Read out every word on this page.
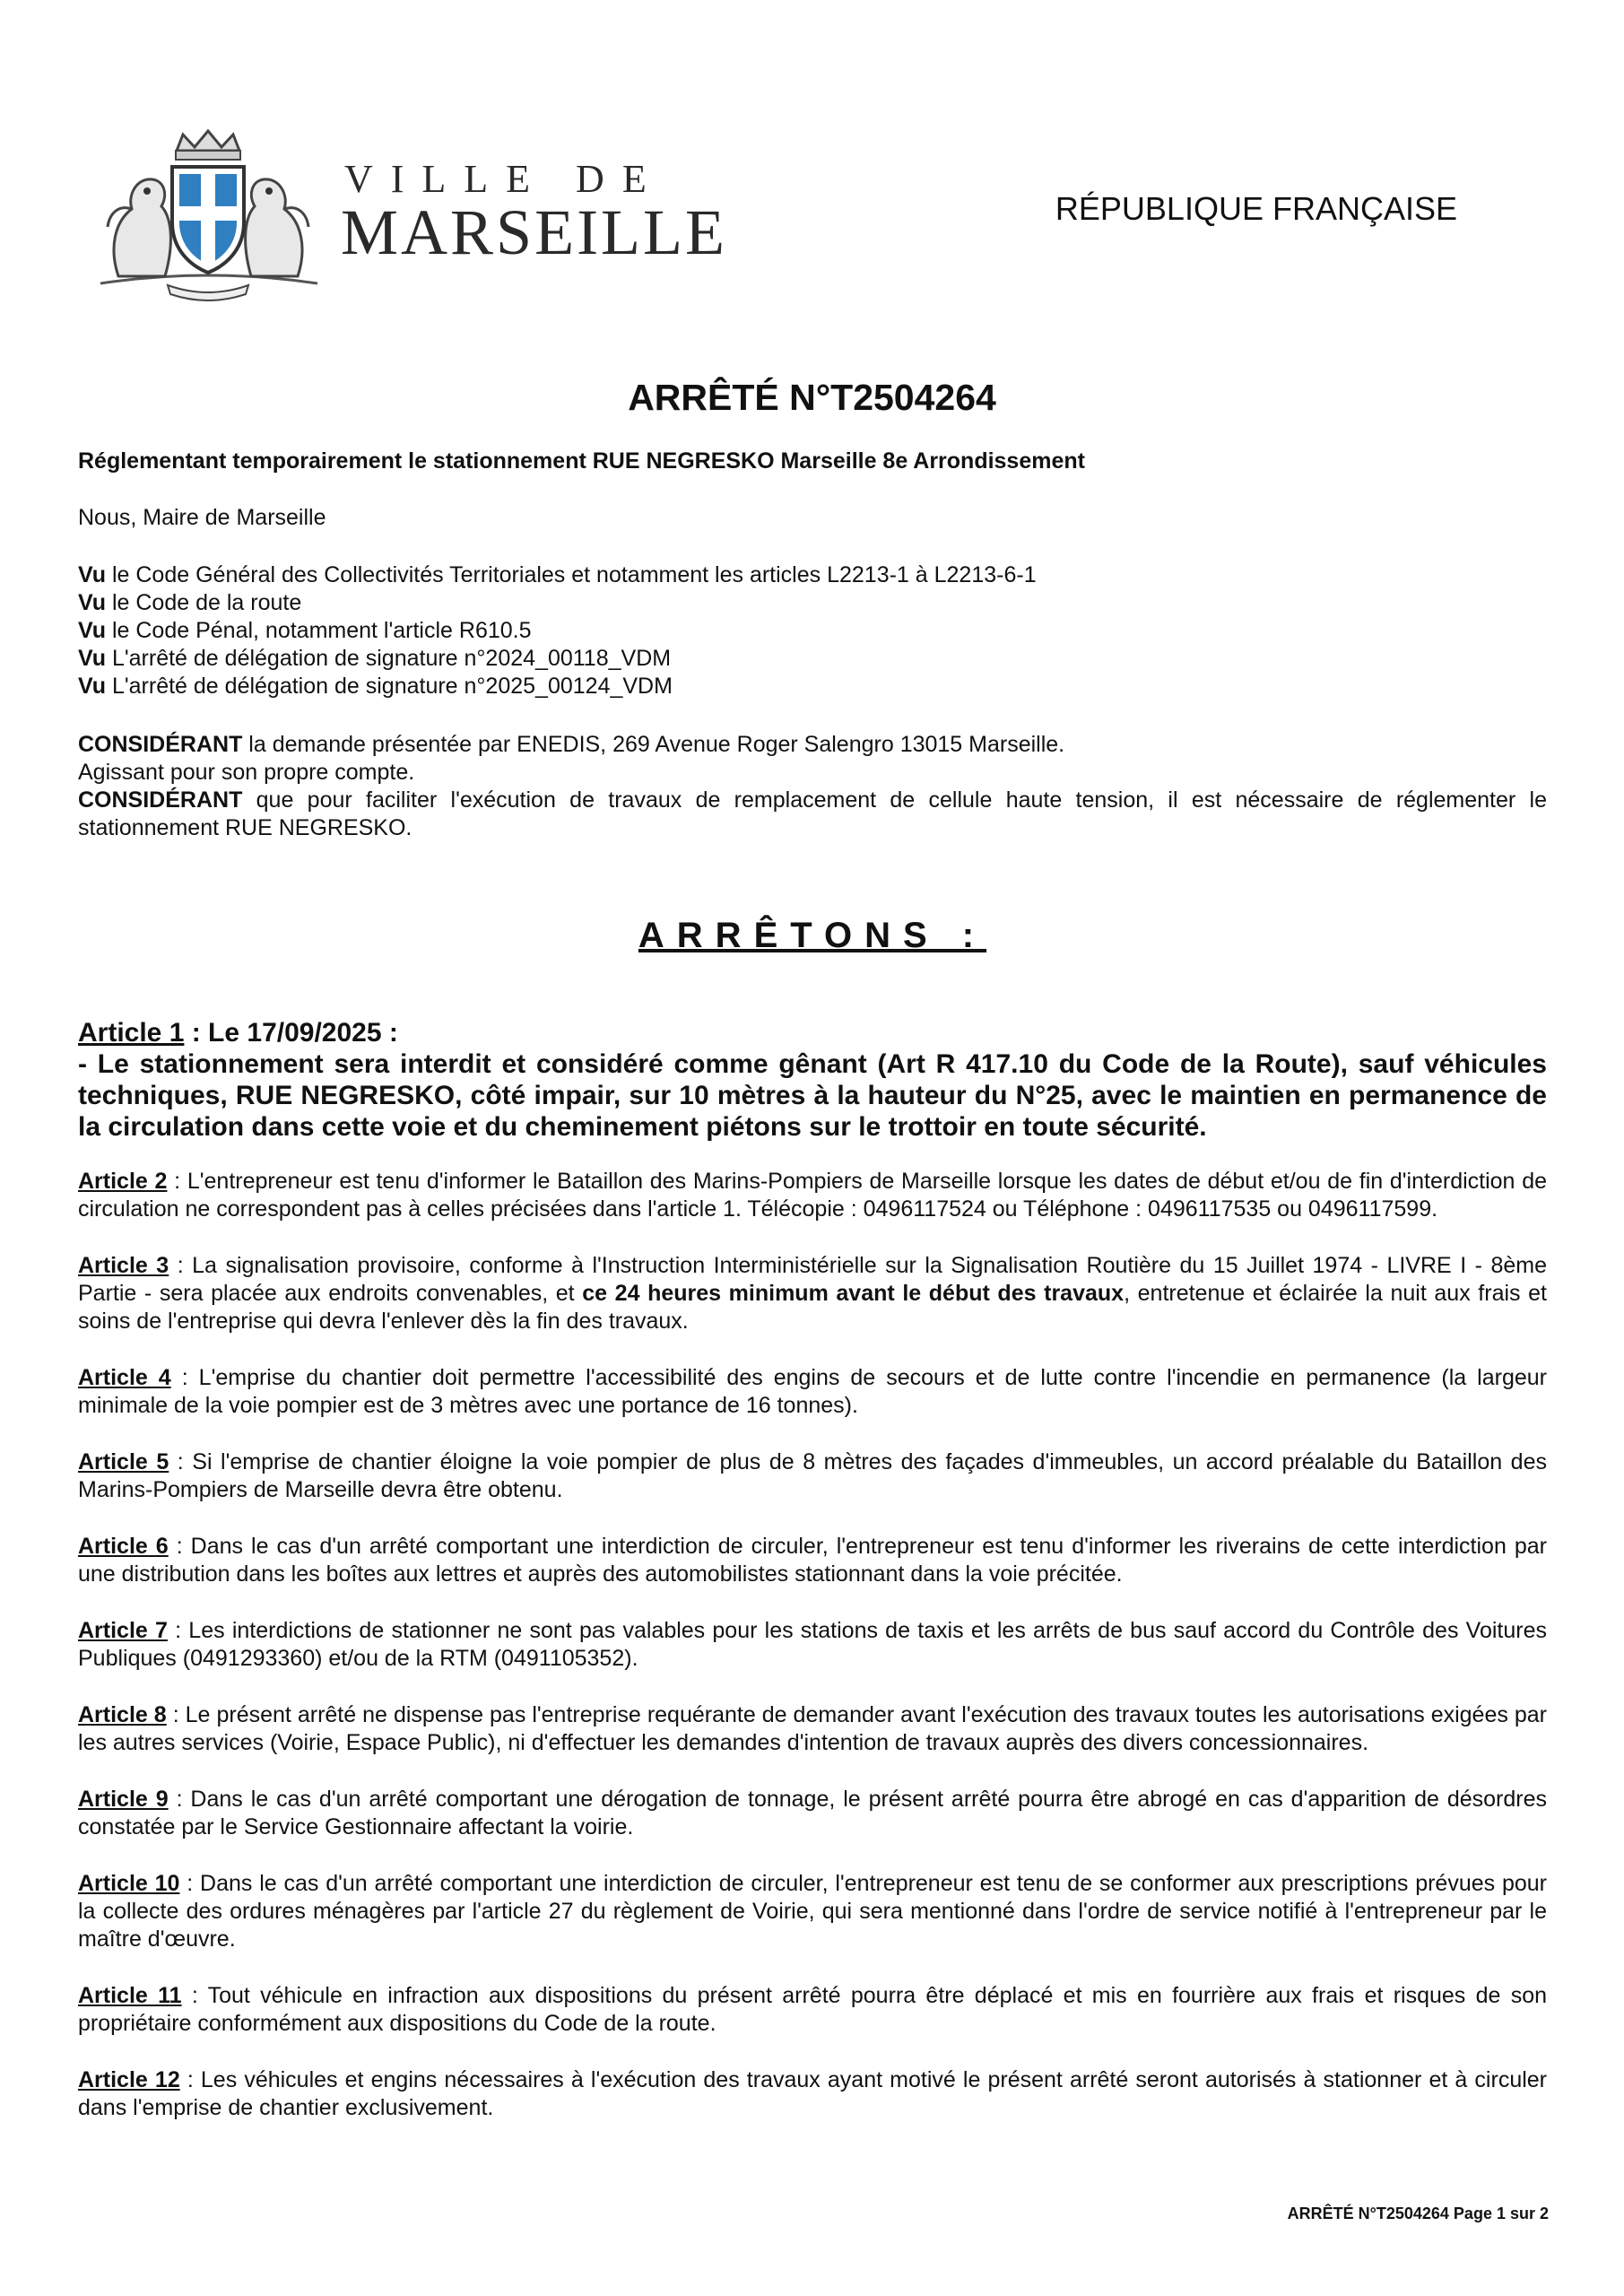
VILLE DE
MARSEILLE	RÉPUBLIQUE FRANÇAISE
ARRÊTÉ N°T2504264
Réglementant temporairement le stationnement RUE NEGRESKO Marseille 8e Arrondissement
Nous, Maire de Marseille
Vu le Code Général des Collectivités Territoriales et notamment les articles L2213-1 à L2213-6-1
Vu le Code de la route
Vu le Code Pénal, notamment l'article R610.5
Vu L'arrêté de délégation de signature n°2024_00118_VDM
Vu L'arrêté de délégation de signature n°2025_00124_VDM

CONSIDÉRANT la demande présentée par ENEDIS, 269 Avenue Roger Salengro 13015 Marseille.

Agissant pour son propre compte.

CONSIDÉRANT que pour faciliter l'exécution de travaux de remplacement de cellule haute tension, il est nécessaire de réglementer le stationnement RUE NEGRESKO.

ARRÊTONS :
Article 1 : Le 17/09/2025 :
- Le stationnement sera interdit et considéré comme gênant (Art R 417.10 du Code de la Route), sauf véhicules techniques, RUE NEGRESKO, côté impair, sur 10 mètres à la hauteur du N°25, avec le maintien en permanence de la circulation dans cette voie et du cheminement piétons sur le trottoir en toute sécurité.
Article 2 : L'entrepreneur est tenu d'informer le Bataillon des Marins-Pompiers de Marseille lorsque les dates de début et/ou de fin d'interdiction de circulation ne correspondent pas à celles précisées dans l'article 1. Télécopie : 0496117524 ou Téléphone : 0496117535 ou 0496117599.
Article 3 : La signalisation provisoire, conforme à l'Instruction Interministérielle sur la Signalisation Routière du 15 Juillet 1974 - LIVRE I - 8ème Partie - sera placée aux endroits convenables, et ce 24 heures minimum avant le début des travaux, entretenue et éclairée la nuit aux frais et soins de l'entreprise qui devra l'enlever dès la fin des travaux.
Article 4 : L'emprise du chantier doit permettre l'accessibilité des engins de secours et de lutte contre l'incendie en permanence (la largeur minimale de la voie pompier est de 3 mètres avec une portance de 16 tonnes).
Article 5 : Si l'emprise de chantier éloigne la voie pompier de plus de 8 mètres des façades d'immeubles, un accord préalable du Bataillon des Marins-Pompiers de Marseille devra être obtenu.
Article 6 : Dans le cas d'un arrêté comportant une interdiction de circuler, l'entrepreneur est tenu d'informer les riverains de cette interdiction par une distribution dans les boîtes aux lettres et auprès des automobilistes stationnant dans la voie précitée.
Article 7 : Les interdictions de stationner ne sont pas valables pour les stations de taxis et les arrêts de bus sauf accord du Contrôle des Voitures Publiques (0491293360) et/ou de la RTM (0491105352).
Article 8 : Le présent arrêté ne dispense pas l'entreprise requérante de demander avant l'exécution des travaux toutes les autorisations exigées par les autres services (Voirie, Espace Public), ni d'effectuer les demandes d'intention de travaux auprès des divers concessionnaires.
Article 9 : Dans le cas d'un arrêté comportant une dérogation de tonnage, le présent arrêté pourra être abrogé en cas d'apparition de désordres constatée par le Service Gestionnaire affectant la voirie.
Article 10 : Dans le cas d'un arrêté comportant une interdiction de circuler, l'entrepreneur est tenu de se conformer aux prescriptions prévues pour la collecte des ordures ménagères par l'article 27 du règlement de Voirie, qui sera mentionné dans l'ordre de service notifié à l'entrepreneur par le maître d'œuvre.
Article 11 : Tout véhicule en infraction aux dispositions du présent arrêté pourra être déplacé et mis en fourrière aux frais et risques de son propriétaire conformément aux dispositions du Code de la route.
Article 12 : Les véhicules et engins nécessaires à l'exécution des travaux ayant motivé le présent arrêté seront autorisés à stationner et à circuler dans l'emprise de chantier exclusivement.
ARRÊTÉ N°T2504264 Page 1 sur 2
